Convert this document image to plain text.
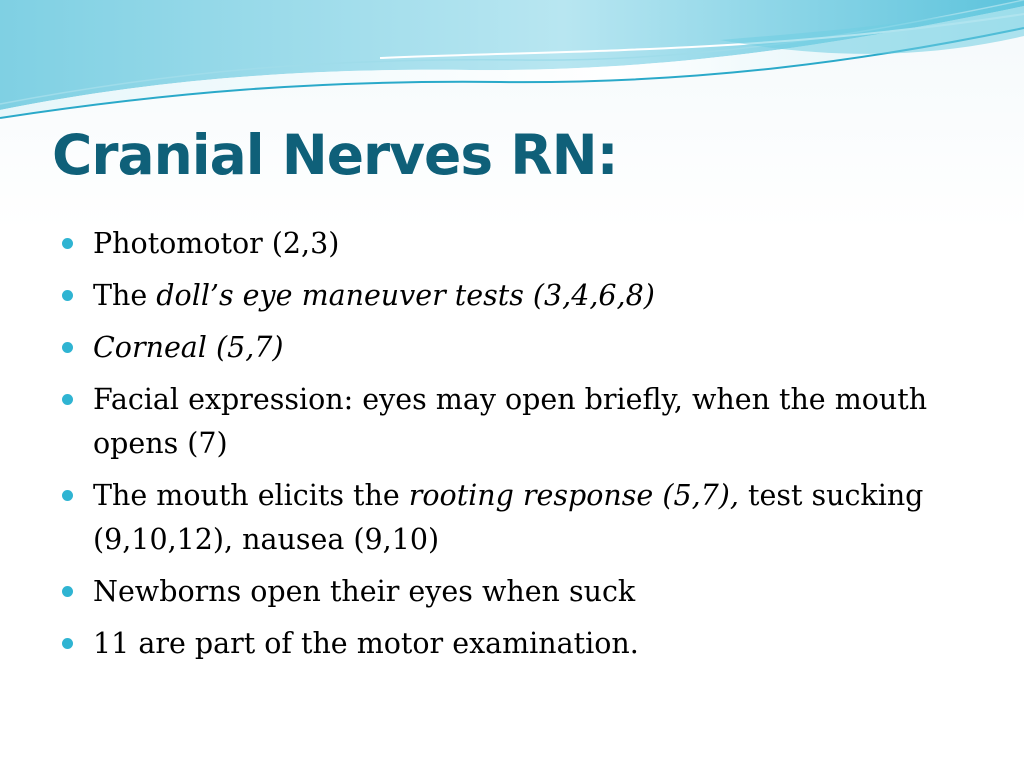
Cranial Nerves RN:
Photomotor (2,3)
The doll’s eye maneuver tests (3,4,6,8)
Corneal (5,7)
Facial expression: eyes may open briefly, when the mouth opens (7)
The mouth elicits the rooting response (5,7), test sucking (9,10,12), nausea (9,10)
Newborns open their eyes when suck
11 are part of the motor examination.
